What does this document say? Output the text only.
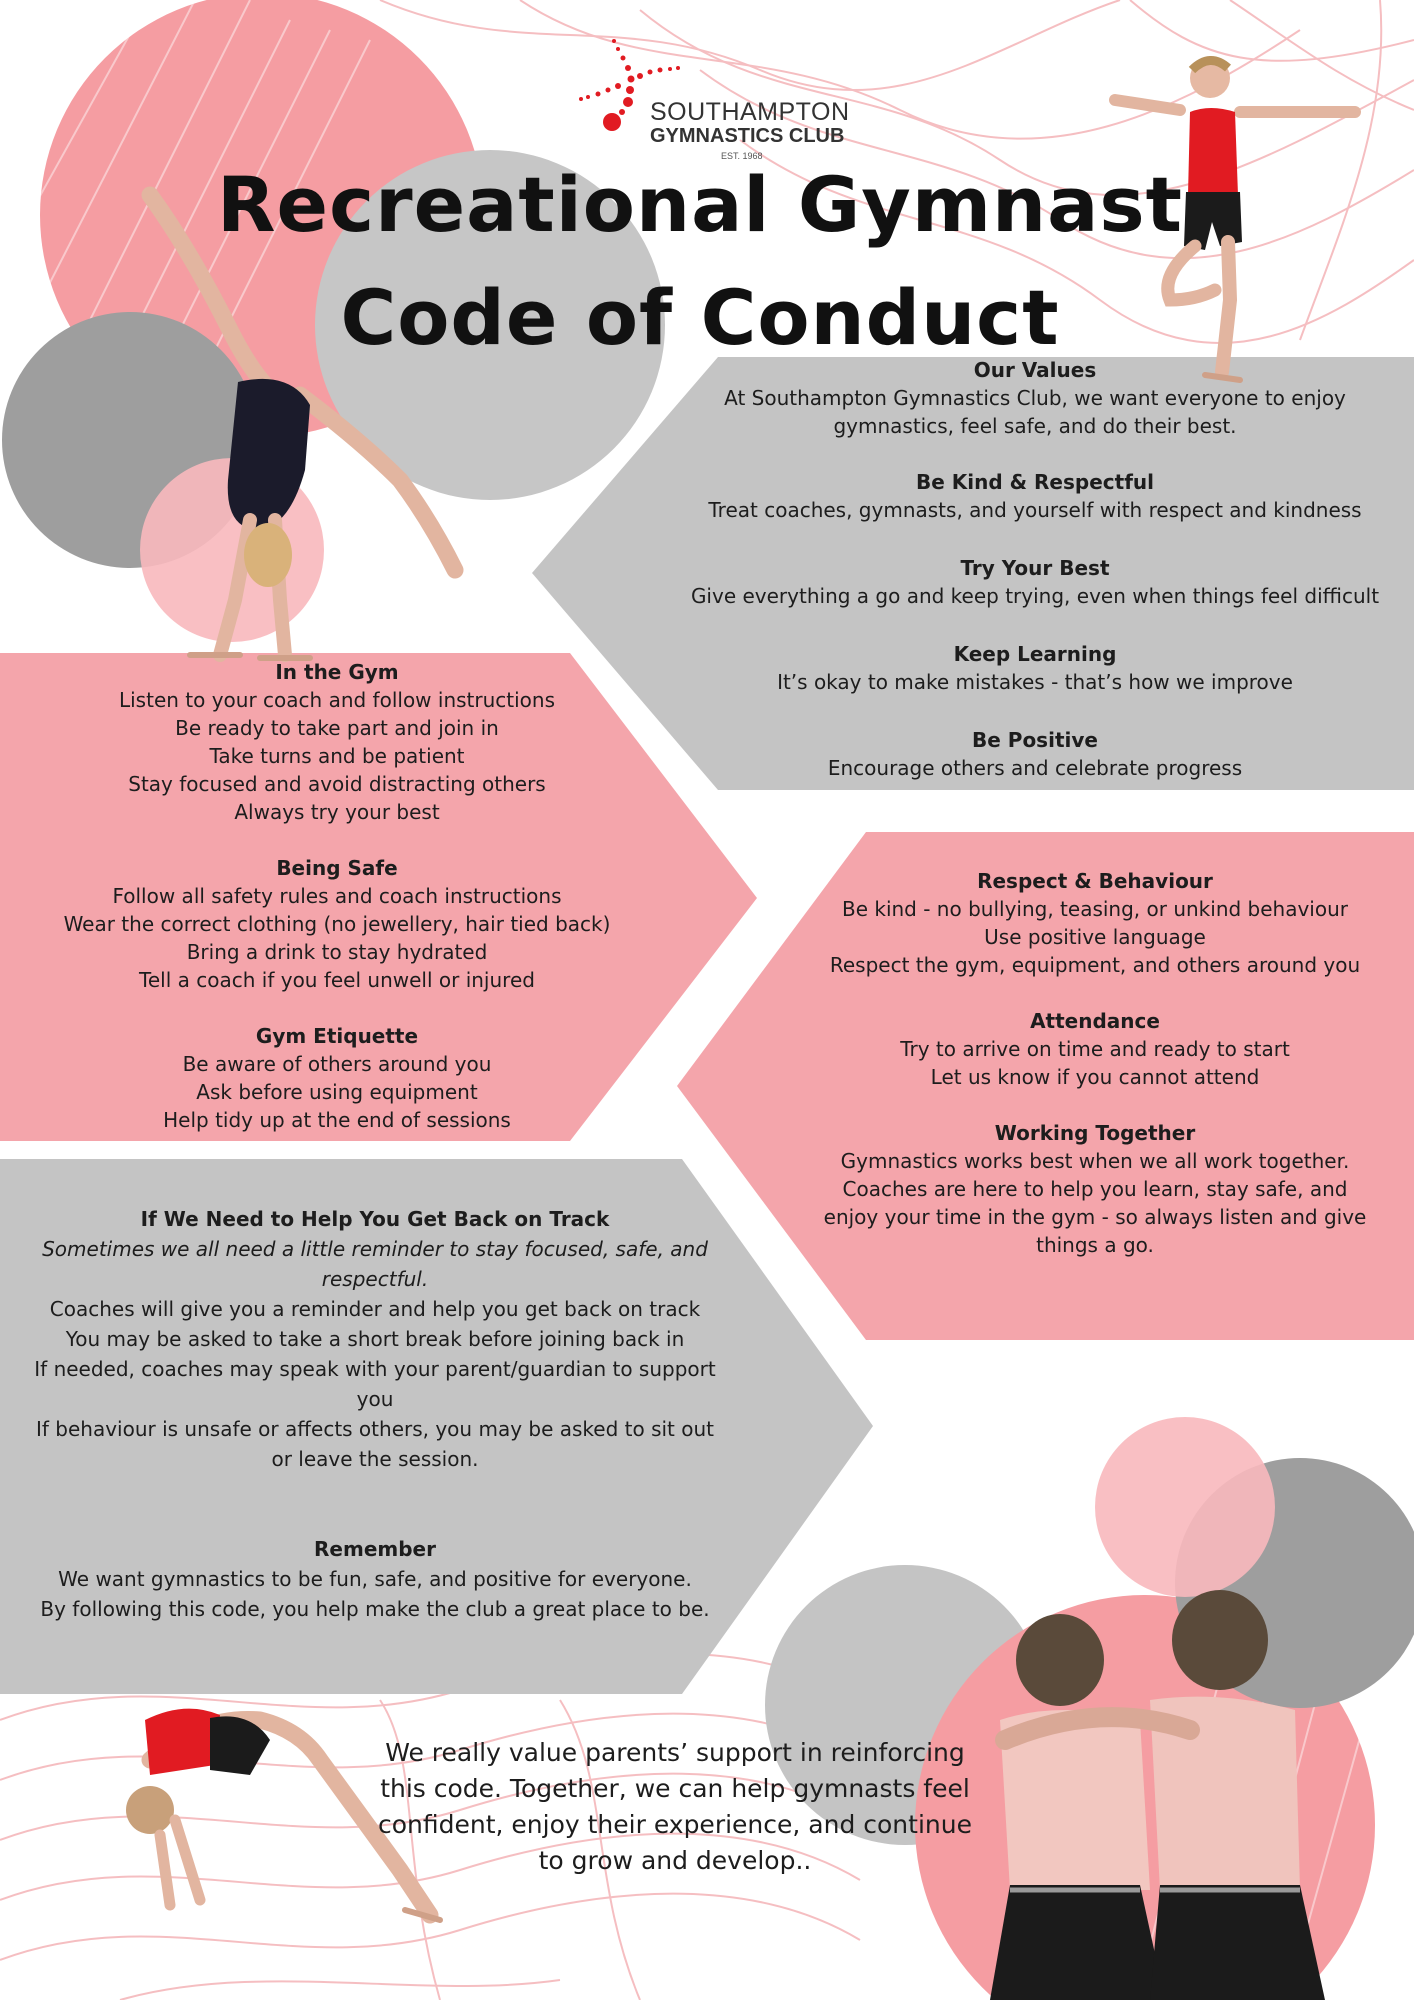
SOUTHAMPTON
GYMNASTICS CLUB
EST. 1968
Recreational Gymnast
Code of Conduct
Our Values
At Southampton Gymnastics Club, we want everyone to enjoy
gymnastics, feel safe, and do their best.
Be Kind & Respectful
Treat coaches, gymnasts, and yourself with respect and kindness
Try Your Best
Give everything a go and keep trying, even when things feel difficult
Keep Learning
It’s okay to make mistakes - that’s how we improve
Be Positive
Encourage others and celebrate progress
In the Gym
Listen to your coach and follow instructions
Be ready to take part and join in
Take turns and be patient
Stay focused and avoid distracting others
Always try your best
Being Safe
Follow all safety rules and coach instructions
Wear the correct clothing (no jewellery, hair tied back)
Bring a drink to stay hydrated
Tell a coach if you feel unwell or injured
Gym Etiquette
Be aware of others around you
Ask before using equipment
Help tidy up at the end of sessions
Respect & Behaviour
Be kind - no bullying, teasing, or unkind behaviour
Use positive language
Respect the gym, equipment, and others around you
Attendance
Try to arrive on time and ready to start
Let us know if you cannot attend
Working Together
Gymnastics works best when we all work together.
Coaches are here to help you learn, stay safe, and
enjoy your time in the gym - so always listen and give
things a go.
If We Need to Help You Get Back on Track
Sometimes we all need a little reminder to stay focused, safe, and
respectful.
Coaches will give you a reminder and help you get back on track
You may be asked to take a short break before joining back in
If needed, coaches may speak with your parent/guardian to support
you
If behaviour is unsafe or affects others, you may be asked to sit out
or leave the session.
Remember
We want gymnastics to be fun, safe, and positive for everyone.
By following this code, you help make the club a great place to be.
We really value parents’ support in reinforcing
this code. Together, we can help gymnasts feel
confident, enjoy their experience, and continue
to grow and develop..
